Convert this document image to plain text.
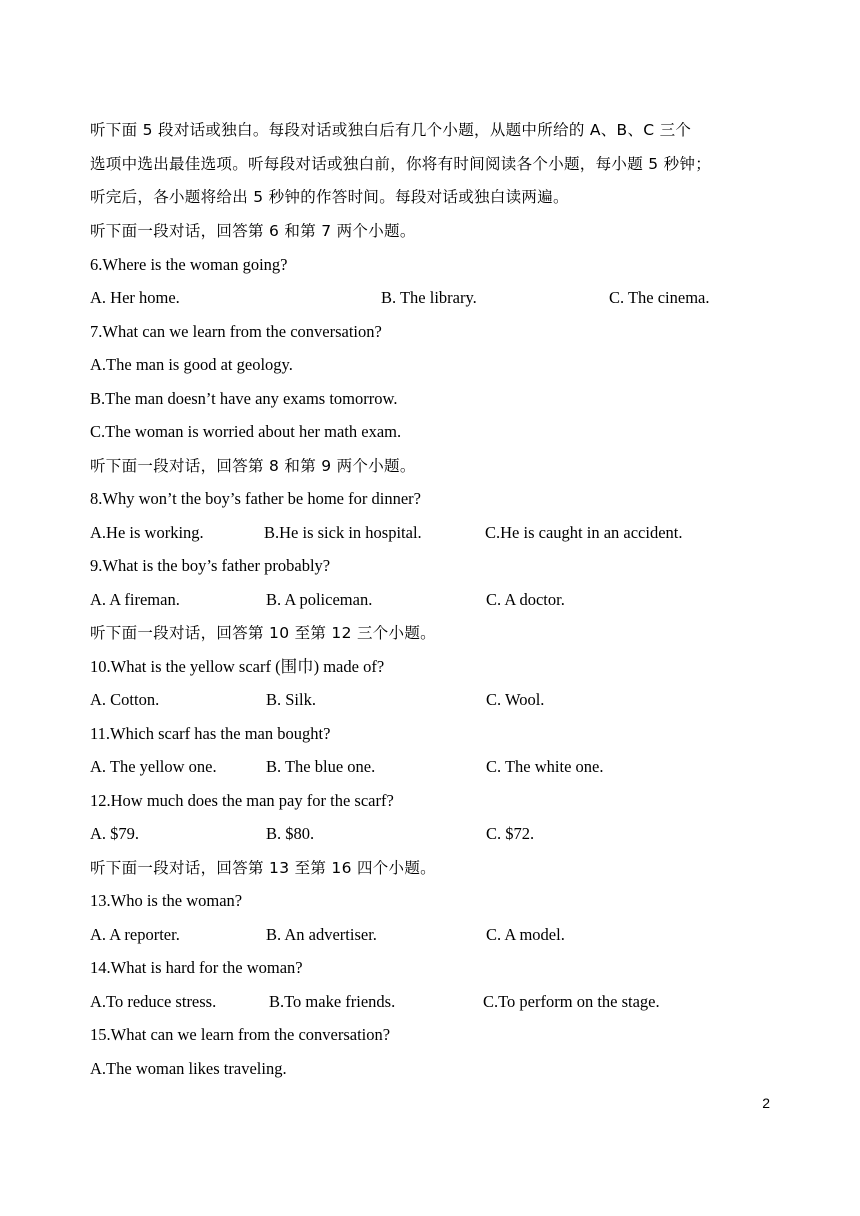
听下面 5 段对话或独白。每段对话或独白后有几个小题，从题中所给的 A、B、C 三个
选项中选出最佳选项。听每段对话或独白前，你将有时间阅读各个小题，每小题 5 秒钟；
听完后，各小题将给出 5 秒钟的作答时间。每段对话或独白读两遍。
听下面一段对话，回答第 6 和第 7 两个小题。
6.Where is the woman going?
A. Her home.	B. The library.	C. The cinema.
7.What can we learn from the conversation?
A.The man is good at geology.
B.The man doesn’t have any exams tomorrow.
C.The woman is worried about her math exam.
听下面一段对话，回答第 8 和第 9 两个小题。
8.Why won’t the boy’s father be home for dinner?
A.He is working.	B.He is sick in hospital.	C.He is caught in an accident.
9.What is the boy’s father probably?
A. A fireman.	B. A policeman.	C. A doctor.
听下面一段对话，回答第 10 至第 12 三个小题。
10.What is the yellow scarf (围巾) made of?
A. Cotton.	B. Silk.	C. Wool.
11.Which scarf has the man bought?
A. The yellow one.	B. The blue one.	C. The white one.
12.How much does the man pay for the scarf?
A. $79.	B. $80.	C. $72.
听下面一段对话，回答第 13 至第 16 四个小题。
13.Who is the woman?
A. A reporter.	B. An advertiser.	C. A model.
14.What is hard for the woman?
A.To reduce stress.	B.To make friends.	C.To perform on the stage.
15.What can we learn from the conversation?
A.The woman likes traveling.
2
